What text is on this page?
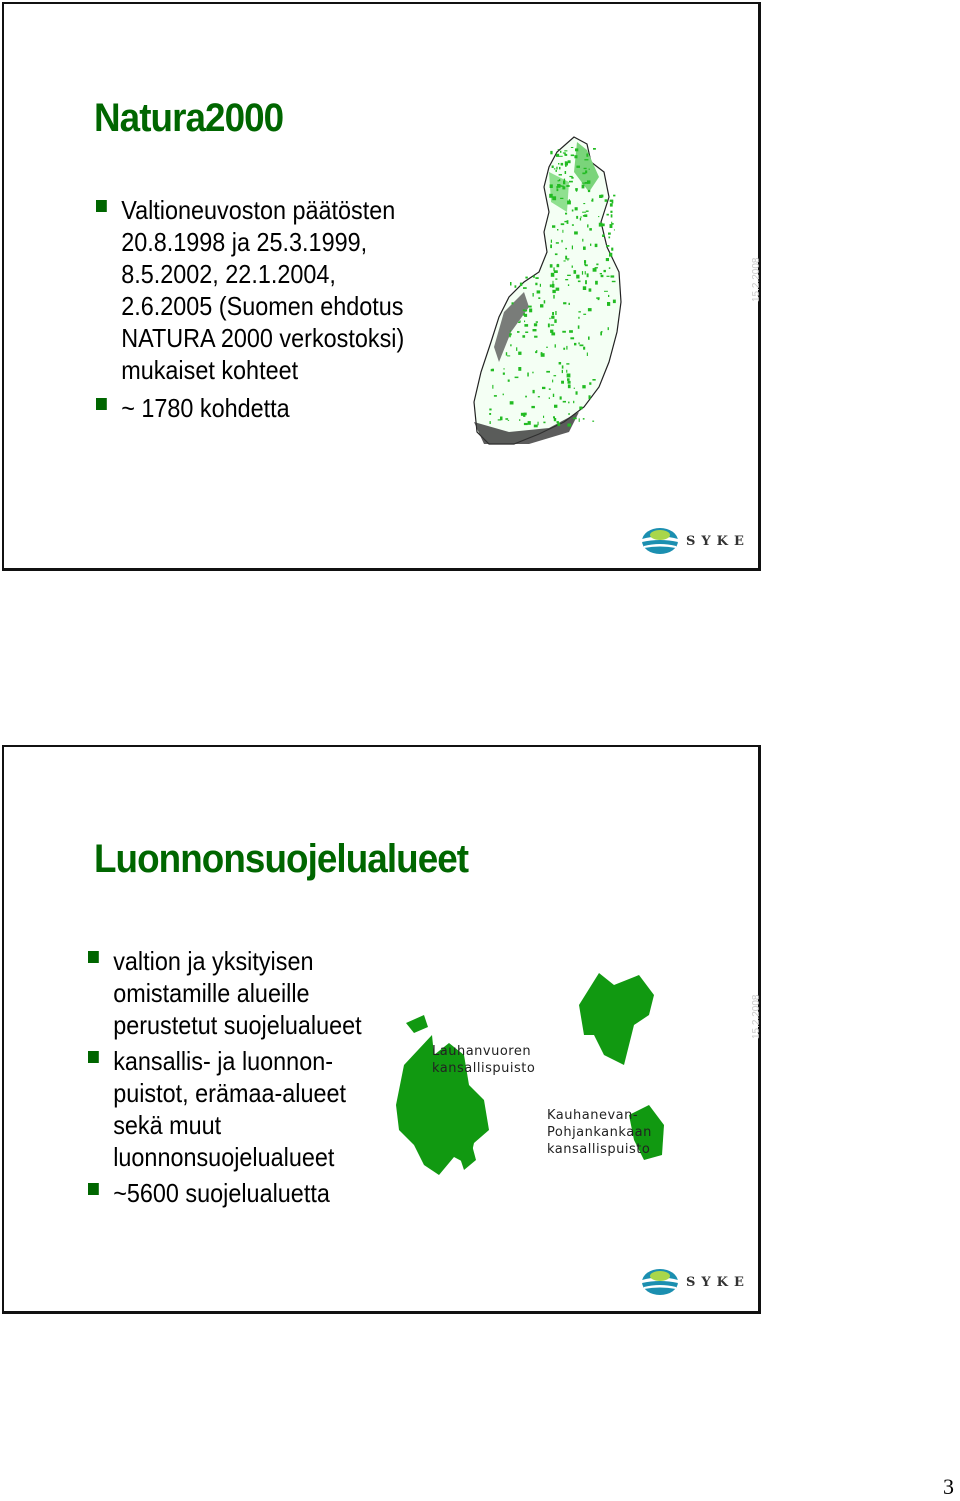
Natura2000
Valtioneuvoston päätösten
20.8.1998 ja 25.3.1999,
8.5.2002, 22.1.2004,
2.6.2005 (Suomen ehdotus
NATURA 2000 verkostoksi)
mukaiset kohteet
~ 1780 kohdetta
15.2.2008
SYKE
Luonnonsuojelualueet
valtion ja yksityisen
omistamille alueille
perustetut suojelualueet
kansallis- ja luonnon-
puistot, erämaa-alueet
sekä muut
luonnonsuojelualueet
~5600 suojelualuetta
Lauhanvuoren
kansallispuisto
Kauhanevan-
Pohjankankaan
kansallispuisto
15.2.2008
SYKE
3
